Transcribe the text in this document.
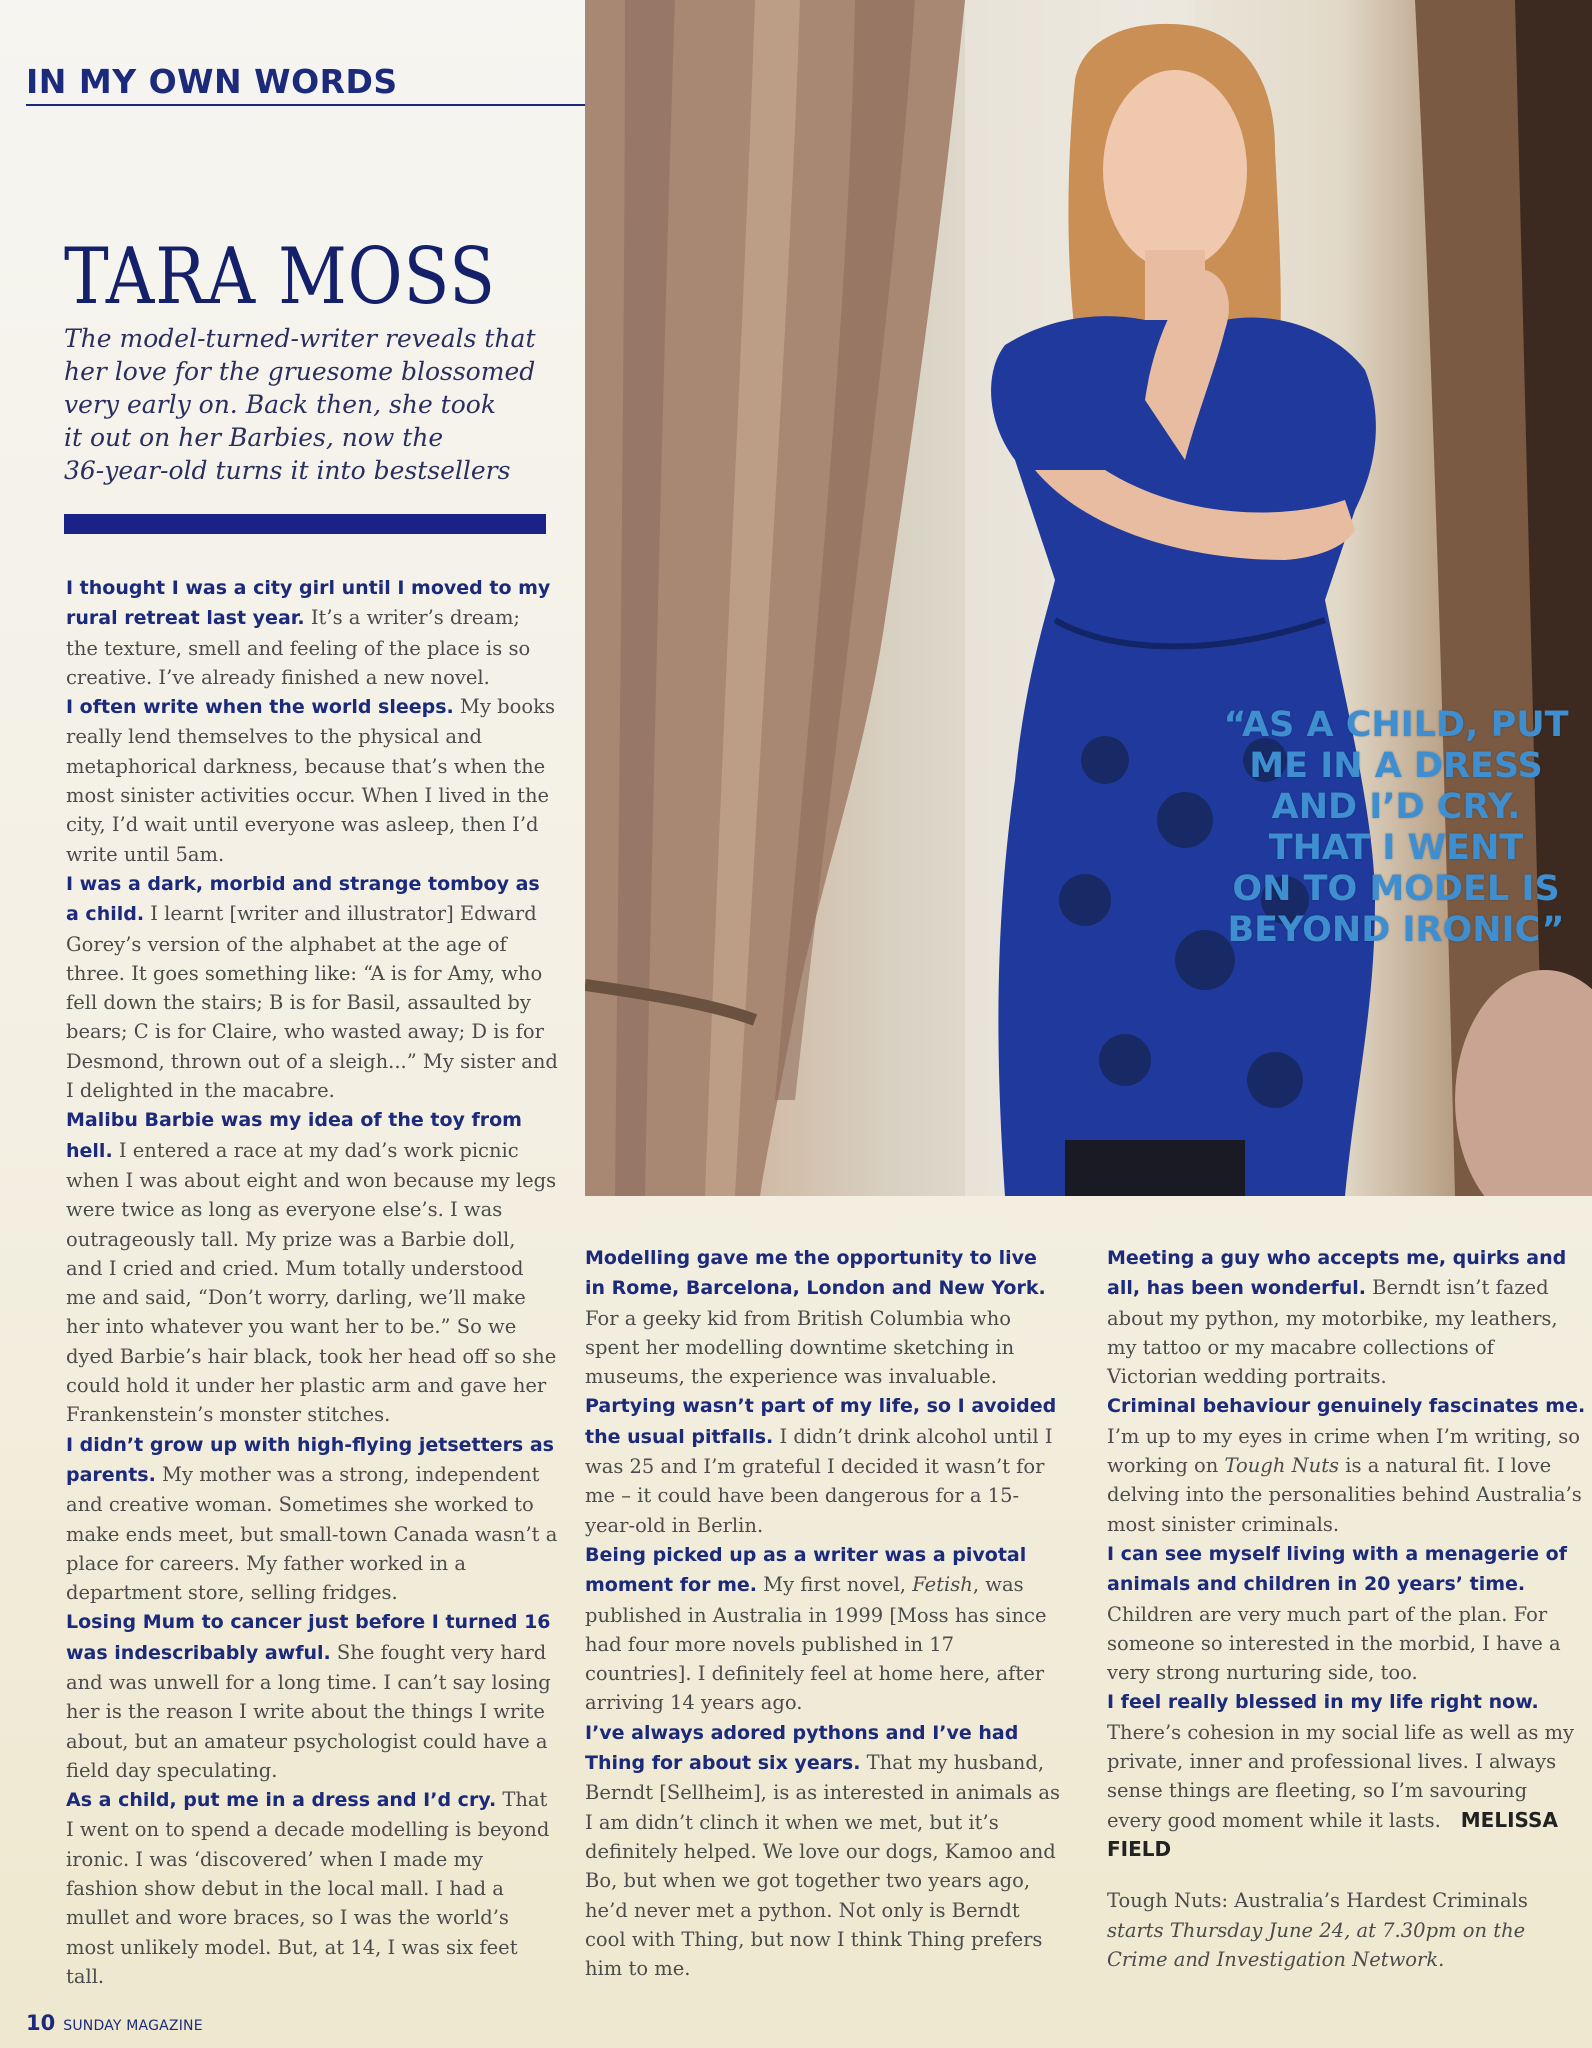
IN MY OWN WORDS
TARA MOSS
The model-turned-writer reveals that
her love for the gruesome blossomed
very early on. Back then, she took
it out on her Barbies, now the
36-year-old turns it into bestsellers

I thought I was a city girl until I moved to my rural retreat last year. It’s a writer’s dream; the texture, smell and feeling of the place is so creative. I’ve already finished a new novel.

I often write when the world sleeps. My books really lend themselves to the physical and metaphorical darkness, because that’s when the most sinister activities occur. When I lived in the city, I’d wait until everyone was asleep, then I’d write until 5am.

I was a dark, morbid and strange tomboy as a child. I learnt [writer and illustrator] Edward Gorey’s version of the alphabet at the age of three. It goes something like: “A is for Amy, who fell down the stairs; B is for Basil, assaulted by bears; C is for Claire, who wasted away; D is for Desmond, thrown out of a sleigh...” My sister and I delighted in the macabre.

Malibu Barbie was my idea of the toy from hell. I entered a race at my dad’s work picnic when I was about eight and won because my legs were twice as long as everyone else’s. I was outrageously tall. My prize was a Barbie doll, and I cried and cried. Mum totally understood me and said, “Don’t worry, darling, we’ll make her into whatever you want her to be.” So we dyed Barbie’s hair black, took her head off so she could hold it under her plastic arm and gave her Frankenstein’s monster stitches.

I didn’t grow up with high-flying jetsetters as parents. My mother was a strong, independent and creative woman. Sometimes she worked to make ends meet, but small-town Canada wasn’t a place for careers. My father worked in a department store, selling fridges.

Losing Mum to cancer just before I turned 16 was indescribably awful. She fought very hard and was unwell for a long time. I can’t say losing her is the reason I write about the things I write about, but an amateur psychologist could have a field day speculating.

As a child, put me in a dress and I’d cry. That I went on to spend a decade modelling is beyond ironic. I was ‘discovered’ when I made my fashion show debut in the local mall. I had a mullet and wore braces, so I was the world’s most unlikely model. But, at 14, I was six feet tall.

“AS A CHILD, PUT
ME IN A DRESS
AND I’D CRY.
THAT I WENT
ON TO MODEL IS
BEYOND IRONIC”

Modelling gave me the opportunity to live in Rome, Barcelona, London and New York. For a geeky kid from British Columbia who spent her modelling downtime sketching in museums, the experience was invaluable.

Partying wasn’t part of my life, so I avoided the usual pitfalls. I didn’t drink alcohol until I was 25 and I’m grateful I decided it wasn’t for me – it could have been dangerous for a 15-year-old in Berlin.

Being picked up as a writer was a pivotal moment for me. My first novel, Fetish, was published in Australia in 1999 [Moss has since had four more novels published in 17 countries]. I definitely feel at home here, after arriving 14 years ago.

I’ve always adored pythons and I’ve had Thing for about six years. That my husband, Berndt [Sellheim], is as interested in animals as I am didn’t clinch it when we met, but it’s definitely helped. We love our dogs, Kamoo and Bo, but when we got together two years ago, he’d never met a python. Not only is Berndt cool with Thing, but now I think Thing prefers him to me.

Meeting a guy who accepts me, quirks and all, has been wonderful. Berndt isn’t fazed about my python, my motorbike, my leathers, my tattoo or my macabre collections of Victorian wedding portraits.

Criminal behaviour genuinely fascinates me. I’m up to my eyes in crime when I’m writing, so working on Tough Nuts is a natural fit. I love delving into the personalities behind Australia’s most sinister criminals.

I can see myself living with a menagerie of animals and children in 20 years’ time. Children are very much part of the plan. For someone so interested in the morbid, I have a very strong nurturing side, too.

I feel really blessed in my life right now. There’s cohesion in my social life as well as my private, inner and professional lives. I always sense things are fleeting, so I’m savouring every good moment while it lasts. MELISSA FIELD

Tough Nuts: Australia’s Hardest Criminals starts Thursday June 24, at 7.30pm on the Crime and Investigation Network.

10 SUNDAY MAGAZINE
